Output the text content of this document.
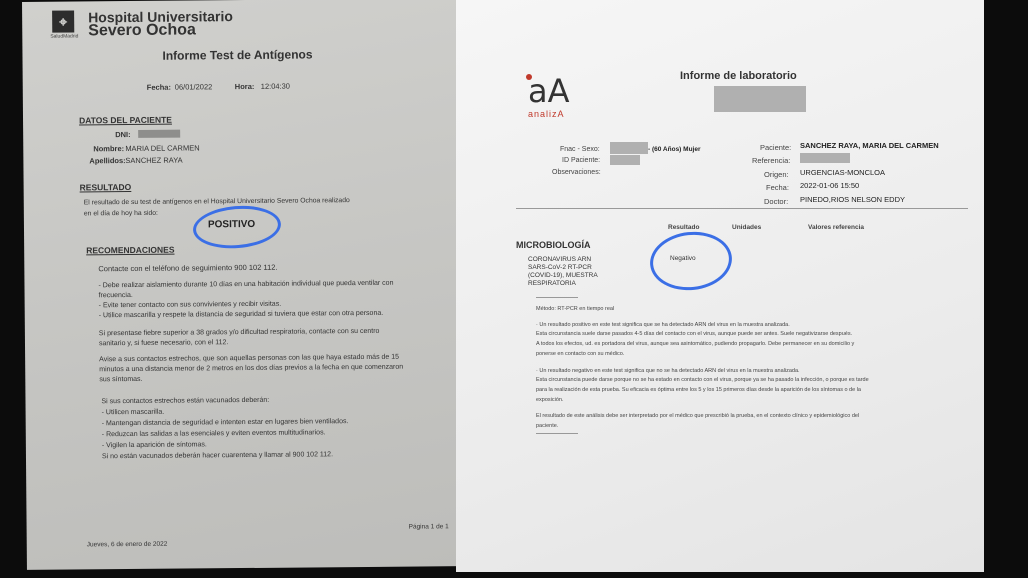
⌖
SaludMadrid
Hospital Universitario
Severo Ochoa
Informe Test de Antígenos
Fecha: 06/01/2022	Hora: 12:04:30
DATOS DEL PACIENTE
DNI:
Nombre: MARIA DEL CARMEN
Apellidos: SANCHEZ RAYA
RESULTADO
El resultado de su test de antígenos en el Hospital Universitario Severo Ochoa realizado
en el día de hoy ha sido:
POSITIVO
RECOMENDACIONES
Contacte con el teléfono de seguimiento 900 102 112.
- Debe realizar aislamiento durante 10 días en una habitación individual que pueda ventilar con
frecuencia.
- Evite tener contacto con sus convivientes y recibir visitas.
- Utilice mascarilla y respete la distancia de seguridad si tuviera que estar con otra persona.
Si presentase fiebre superior a 38 grados y/o dificultad respiratoria, contacte con su centro
sanitario y, si fuese necesario, con el 112.
Avise a sus contactos estrechos, que son aquellas personas con las que haya estado más de 15
minutos a una distancia menor de 2 metros en los dos días previos a la fecha en que comenzaron
sus síntomas.
Si sus contactos estrechos están vacunados deberán:
- Utilicen mascarilla.
- Mantengan distancia de seguridad e intenten estar en lugares bien ventilados.
- Reduzcan las salidas a las esenciales y eviten eventos multitudinarios.
- Vigilen la aparición de síntomas.
Si no están vacunados deberán hacer cuarentena y llamar al 900 102 112.
Jueves, 6 de enero de 2022
Página 1 de 1
aA
analizA
Informe de laboratorio
Fnac - Sexo:	- (60 Años) Mujer
ID Paciente:
Observaciones:
Paciente: SANCHEZ RAYA, MARIA DEL CARMEN
Referencia:
Origen: URGENCIAS-MONCLOA
Fecha: 2022-01-06 15:50
Doctor: PINEDO,RIOS NELSON EDDY
Resultado	Unidades	Valores referencia
MICROBIOLOGÍA
CORONAVIRUS ARN
SARS-CoV-2 RT-PCR
(COVID-19), MUESTRA
RESPIRATORIA
Negativo
Método: RT-PCR en tiempo real
· Un resultado positivo en este test significa que se ha detectado ARN del virus en la muestra analizada.
Esta circunstancia suele darse pasados 4-5 días del contacto con el virus, aunque puede ser antes. Suele negativizarse después.
A todos los efectos, ud. es portadora del virus, aunque sea asintomático, pudiendo propagarlo. Debe permanecer en su domicilio y
ponerse en contacto con su médico.
· Un resultado negativo en este test significa que no se ha detectado ARN del virus en la muestra analizada.
Esta circunstancia puede darse porque no se ha estado en contacto con el virus, porque ya se ha pasado la infección, o porque es tarde
para la realización de esta prueba. Su eficacia es óptima entre los 5 y los 15 primeros días desde la aparición de los síntomas o de la
exposición.
El resultado de este análisis debe ser interpretado por el médico que prescribió la prueba, en el contexto clínico y epidemiológico del
paciente.
